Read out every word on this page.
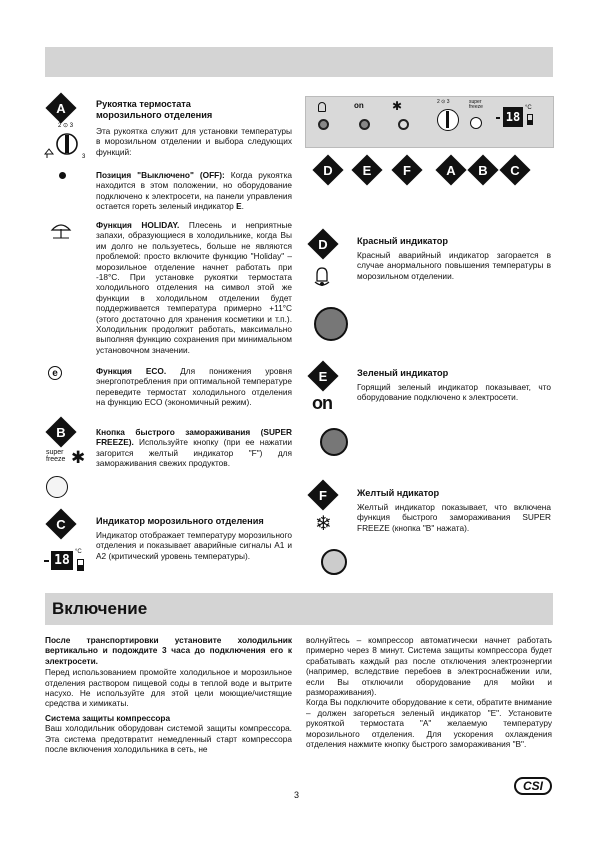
A	Рукоятка термостата морозильного отделения
Эта рукоятка служит для установки температуры в морозильном отделении и выбора следующих функций:
2 ⊙ 3
3
Позиция "Выключено" (OFF): Когда рукоятка находится в этом положении, но оборудование подключено к электросети, на панели управления остается гореть зеленый индикатор E.
Функция HOLIDAY. Плесень и неприятные запахи, образующиеся в холодильнике, когда Вы им долго не пользуетесь, больше не являются проблемой: просто включите функцию "Holiday" – морозильное отделение начнет работать при -18°С. При установке рукоятки термостата холодильного отделения на символ этой же функции в холодильном отделении будет поддерживается температура примерно +11°С (этого достаточно для хранения косметики и т.п.). Холодильник продолжит работать, максимально выполняя функцию сохранения при минимальном установочном значении.
e	Функция ECO. Для понижения уровня энергопотребления при оптимальной температуре переведите термостат холодильного отделения на функцию ECO (экономичный режим).
B
super
freeze ✱
Кнопка быстрого замораживания (SUPER FREEZE). Используйте кнопку (при ее нажатии загорится желтый индикатор "F") для замораживания свежих продуктов.
C	Индикатор морозильного отделения
Индикатор отображает температуру морозильного отделения и показывает аварийные сигналы A1 и A2 (критический уровень температуры).
18
°C
on ✱	2 ⊙ 3	super
freeze
18
°C
D	E	F	A	B	C
D	Красный индикатор
Красный аварийный индикатор загорается в случае анормального повышения температуры в морозильном отделении.
E	Зеленый индикатор
Горящий зеленый индикатор показывает, что оборудование подключено к электросети.
on
F	Желтый ндикатор
Желтый индикатор показывает, что включена функция быстрого замораживания SUPER FREEZE (кнопка "B" нажата).
❄
Включение
После транспортировки установите холодильник вертикально и подождите 3 часа до подключения его к электросети.
Перед использованием промойте холодильное и морозильное отделения раствором пищевой соды в теплой воде и вытрите насухо. Не используйте для этой цели моющие/чистящие средства и химикаты.
Система защиты компрессора
Ваш холодильник оборудован системой защиты компрессора. Эта система предотвратит немедленный старт компрессора после включения холодильника в сеть, не
волнуйтесь – компрессор автоматически начнет работать примерно через 8 минут. Система защиты компрессора будет срабатывать каждый раз после отключения электроэнергии (например, вследствие перебоев в электроснабжении или, если Вы отключили оборудование для мойки и размораживания).
Когда Вы подключите оборудование к сети, обратите внимание – должен загореться зеленый индикатор "E". Установите рукояткой термостата "A" желаемую температуру морозильного отделения. Для ускорения охлаждения отделения нажмите кнопку быстрого замораживания "B".
3
CSI
